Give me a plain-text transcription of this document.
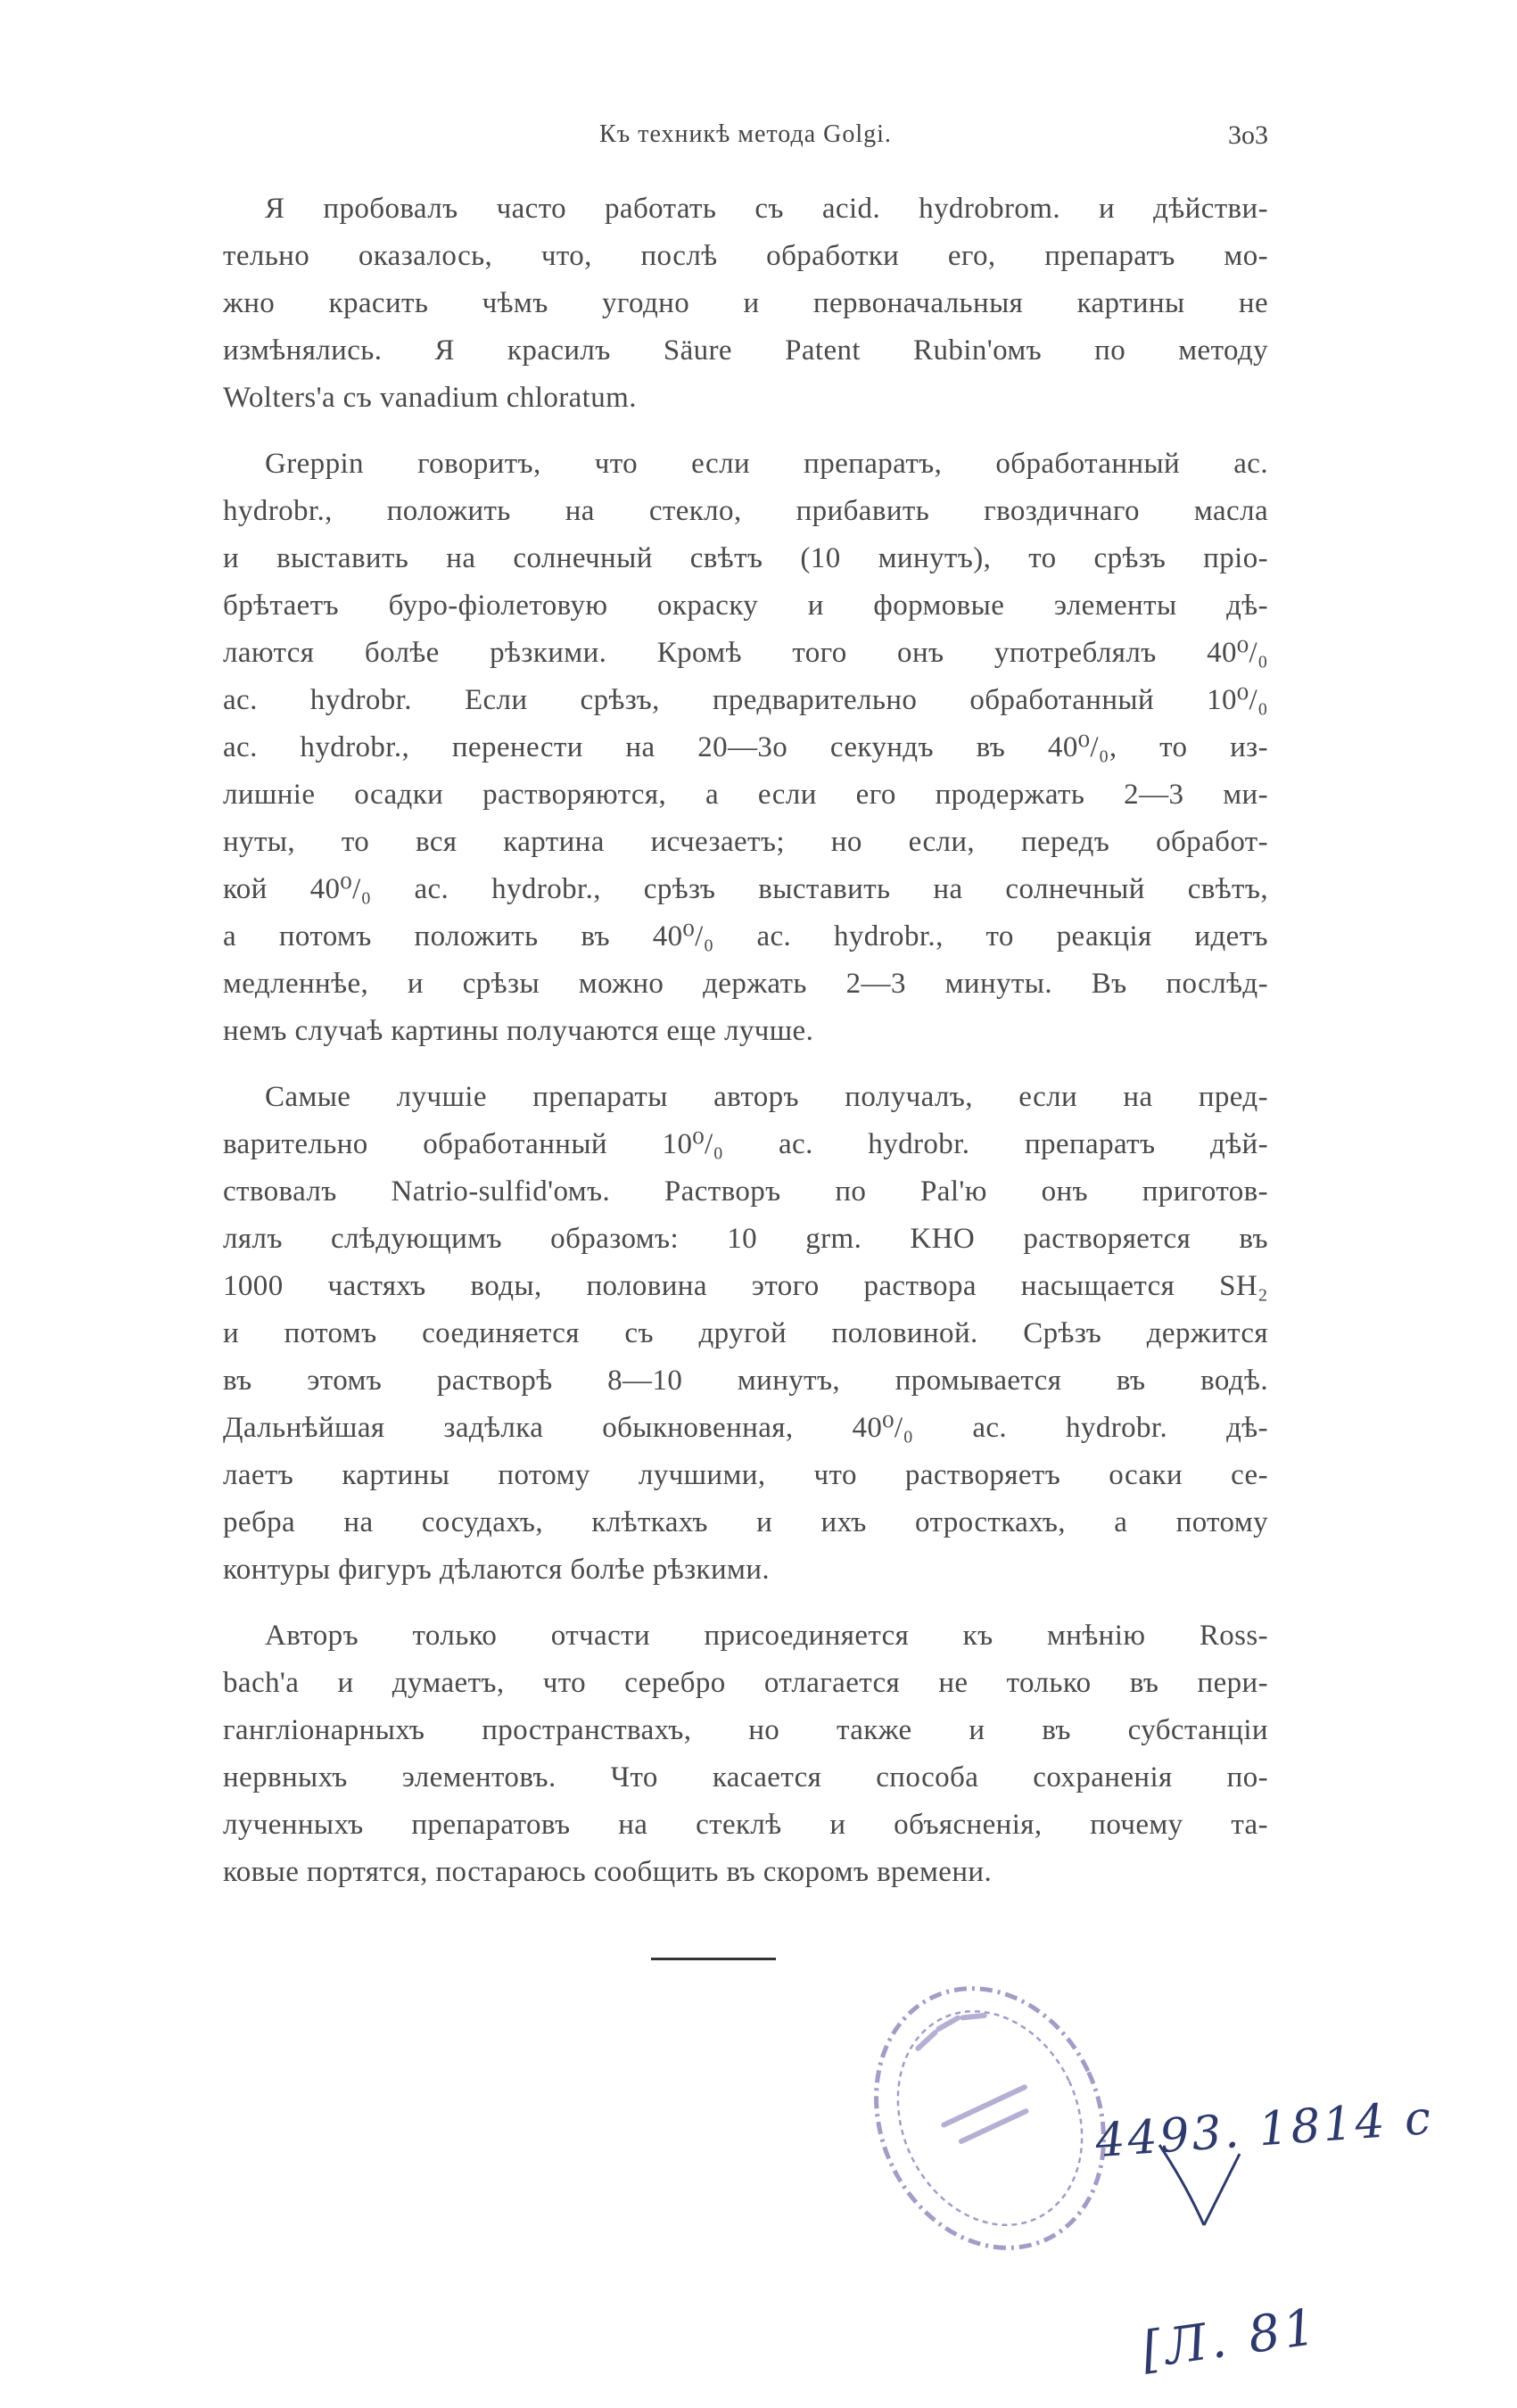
Къ техникѣ метода Golgi.	3o3
Я пробовалъ часто работать съ acid. hydrobrom. и дѣйстви-
тельно оказалось, что, послѣ обработки его, препаратъ мо-
жно красить чѣмъ угодно и первоначальныя картины не
измѣнялись. Я красилъ Säure Patent Rubin'омъ по методу
Wolters'a съ vanadium chloratum.
Greppin говоритъ, что если препаратъ, обработанный ac.
hydrobr., положить на стекло, прибавить гвоздичнаго масла
и выставить на солнечный свѣтъ (10 минутъ), то срѣзъ пріо-
брѣтаетъ буро-фіолетовую окраску и формовые элементы дѣ-
лаются болѣе рѣзкими. Кромѣ того онъ употреблялъ 40⁰/₀
ac. hydrobr. Если срѣзъ, предварительно обработанный 10⁰/₀
ac. hydrobr., перенести на 20—3o секундъ въ 40⁰/₀, то из-
лишніе осадки растворяются, а если его продержать 2—3 ми-
нуты, то вся картина исчезаетъ; но если, передъ обработ-
кой 40⁰/₀ ac. hydrobr., срѣзъ выставить на солнечный свѣтъ,
а потомъ положить въ 40⁰/₀ ac. hydrobr., то реакція идетъ
медленнѣе, и срѣзы можно держать 2—3 минуты. Въ послѣд-
немъ случаѣ картины получаются еще лучше.
Самые лучшіе препараты авторъ получалъ, если на пред-
варительно обработанный 10⁰/₀ ac. hydrobr. препаратъ дѣй-
ствовалъ Natrio-sulfid'омъ. Растворъ по Pal'ю онъ приготов-
лялъ слѣдующимъ образомъ: 10 grm. KHO растворяется въ
1000 частяхъ воды, половина этого раствора насыщается SH₂
и потомъ соединяется съ другой половиной. Срѣзъ держится
въ этомъ растворѣ 8—10 минутъ, промывается въ водѣ.
Дальнѣйшая задѣлка обыкновенная, 40⁰/₀ ac. hydrobr. дѣ-
лаетъ картины потому лучшими, что растворяетъ осаки се-
ребра на сосудахъ, клѣткахъ и ихъ отросткахъ, а потому
контуры фигуръ дѣлаются болѣе рѣзкими.
Авторъ только отчасти присоединяется къ мнѣнію Ross-
bach'a и думаетъ, что серебро отлагается не только въ пери-
гангліонарныхъ пространствахъ, но также и въ субстанціи
нервныхъ элементовъ. Что касается способа сохраненія по-
лученныхъ препаратовъ на стеклѣ и объясненія, почему та-
ковые портятся, постараюсь сообщить въ скоромъ времени.
4493. 1814 с
[Л. 81
